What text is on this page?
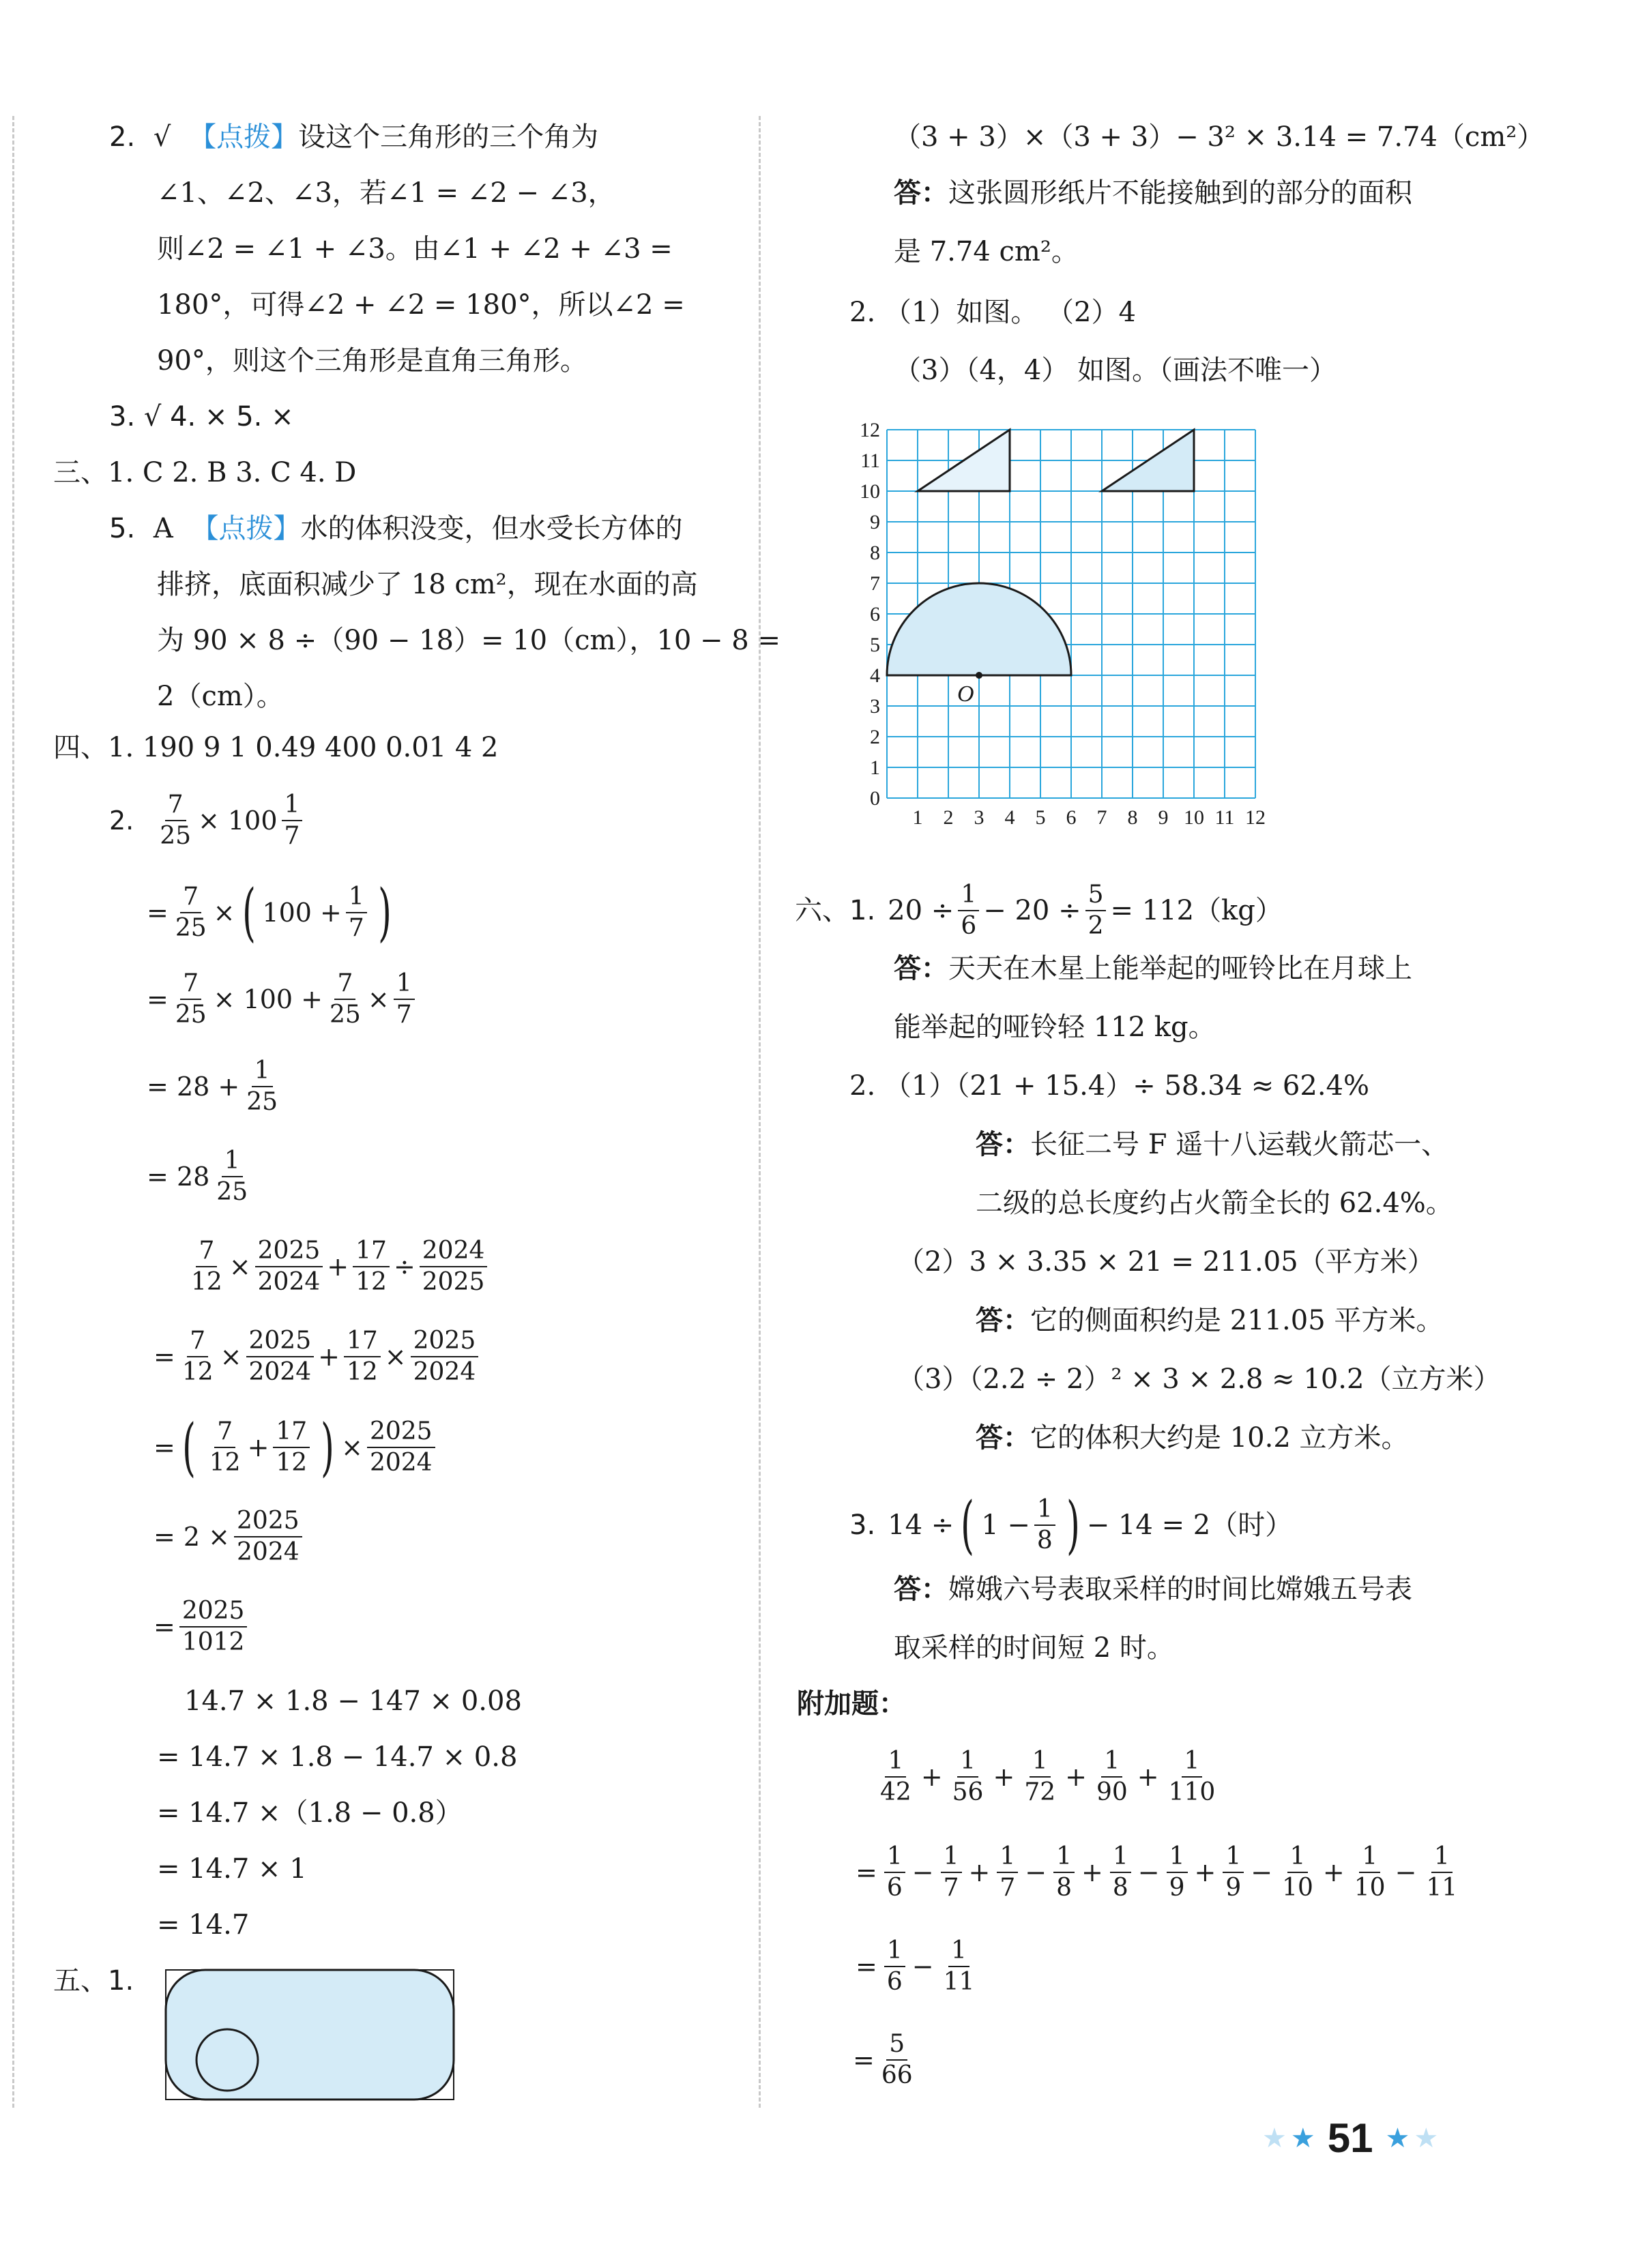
2. √ 【点拨】设这个三角形的三个角为
∠1、∠2、∠3，若∠1 = ∠2 − ∠3，
则∠2 = ∠1 + ∠3。由∠1 + ∠2 + ∠3 =
180°，可得∠2 + ∠2 = 180°，所以∠2 =
90°，则这个三角形是直角三角形。
3. √ 4. × 5. ×
三、1. C 2. B 3. C 4. D
5. A 【点拨】水的体积没变，但水受长方体的
排挤，底面积减少了 18 cm²，现在水面的高
为 90 × 8 ÷（90 − 18）= 10（cm），10 − 8 =
2（cm）。
四、1. 190 9 1 0.49 400 0.01 4 2
2. $\frac{7}{25} \times 100$
1
7
= $\frac{7}{25}$ × ( $100 + \frac{1}{7}$ )
= $\frac{7}{25} \times 100 + \frac{7}{25} \times \frac{1}{7}$
=
$28 + \frac{1}{25}$
=
28
1
25
$\frac{7}{12} \times \frac{2025}{2024} + \frac{17}{12} \div \frac{2024}{2025}$
= $\frac{7}{12} \times \frac{2025}{2024} + \frac{17}{12} \times \frac{2025}{2024}$
= ( 7
12
+ $\frac{17}{12}$ ) × $\frac{2025}{2024}$
= $2 \times \frac{2025}{2024}$
= $\frac{2025}{1012}$
14.7 × 1.8 − 147 × 0.08
= 14.7 × 1.8 − 14.7 × 0.8
= 14.7 ×（1.8 − 0.8）
= 14.7 × 1
= 14.7
五、1.
（3 + 3）×（3 + 3）− 3² × 3.14 = 7.74（cm²）
答：这张圆形纸片不能接触到的部分的面积
是 7.74 cm²。
2. （1）如图。 （2）4
（3）（4，4） 如图。（画法不唯一）
1 2 3 4 5 6 7 8 9 10 11 12
0
1
2
3
4
5
6
7
8
9
10
11
12
O
六、 1. $20 \div \frac{1}{6} - 20 \div \frac{5}{2} = 112(kg)$
答：天天在木星上能举起的哑铃比在月球上
能举起的哑铃轻 112 kg。
2. （1）（21 + 15.4）÷ 58.34 ≈ 62.4%
答：长征二号 F 遥十八运载火箭芯一、
二级的总长度约占火箭全长的 62.4%。
（2）3 × 3.35 × 21 = 211.05（平方米）
答：它的侧面积约是 211.05 平方米。
（3）（2.2 ÷ 2）² × 3 × 2.8 ≈ 10.2（立方米）
答：它的体积大约是 10.2 立方米。
3. 14 ÷ ( $1 - \frac{1}{8}$ ) − 14 = 2（时）
答：嫦娥六号表取采样的时间比嫦娥五号表
取采样的时间短 2 时。
附加题：
1
42
+ $\frac{1}{56} + \frac{1}{72} + \frac{1}{90} + \frac{1}{110}$
= $\frac{1}{6} - \frac{1}{7} + \frac{1}{7} - \frac{1}{8} + \frac{1}{8} - \frac{1}{9} + \frac{1}{9} - \frac{1}{10} + \frac{1}{10} - \frac{1}{11}$
= $\frac{1}{6} - \frac{1}{11}$
= $\frac{5}{66}$
★ ★ 51 ★ ★
